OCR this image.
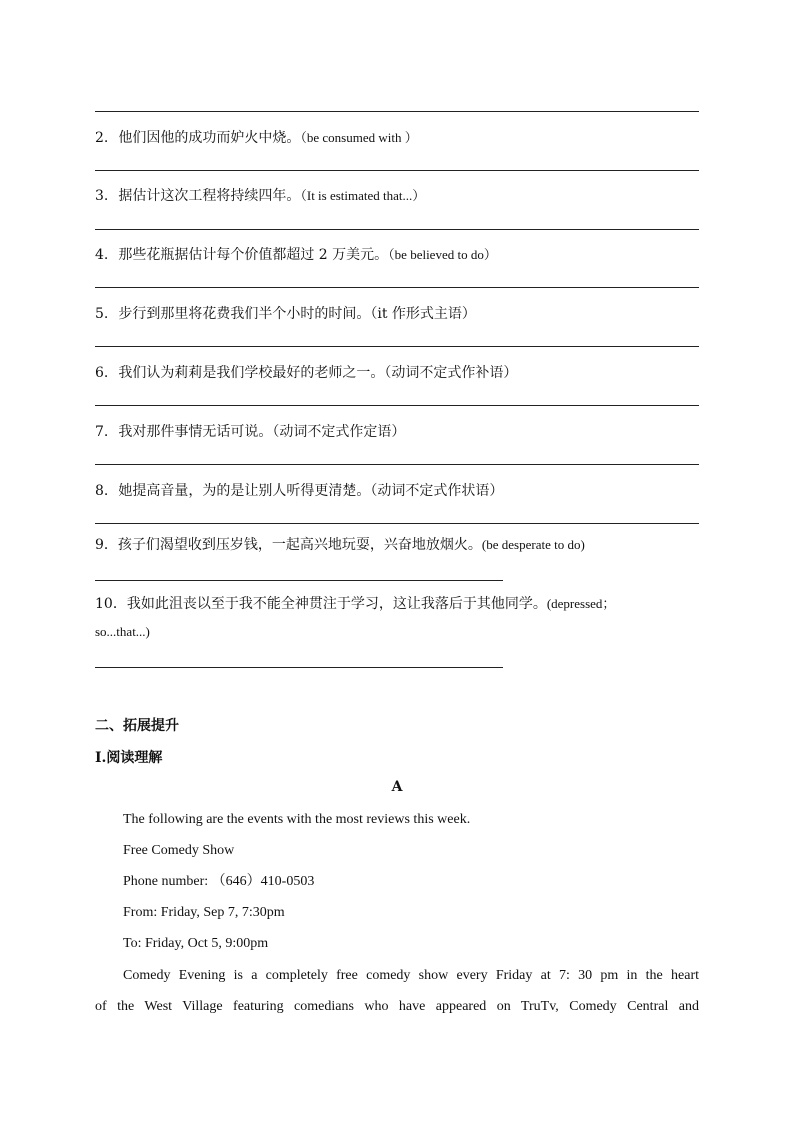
2. 他们因他的成功而妒火中烧。（be consumed with ）
3. 据估计这次工程将持续四年。（It is estimated that...）
4. 那些花瓶据估计每个价值都超过 2 万美元。（be believed to do）
5. 步行到那里将花费我们半个小时的时间。（it 作形式主语）
6. 我们认为莉莉是我们学校最好的老师之一。（动词不定式作补语）
7. 我对那件事情无话可说。（动词不定式作定语）
8. 她提高音量，为的是让别人听得更清楚。（动词不定式作状语）
9．孩子们渴望收到压岁钱，一起高兴地玩耍，兴奋地放烟火。(be desperate to do)
10．我如此沮丧以至于我不能全神贯注于学习，这让我落后于其他同学。(depressed；
so...that...)
二、拓展提升
I.阅读理解
A
The following are the events with the most reviews this week.
Free Comedy Show
Phone number: （646）410-0503
From: Friday, Sep 7, 7:30pm
To: Friday, Oct 5, 9:00pm
Comedy Evening is a completely free comedy show every Friday at 7: 30 pm in the heart
of the West Village featuring comedians who have appeared on TruTv, Comedy Central and
